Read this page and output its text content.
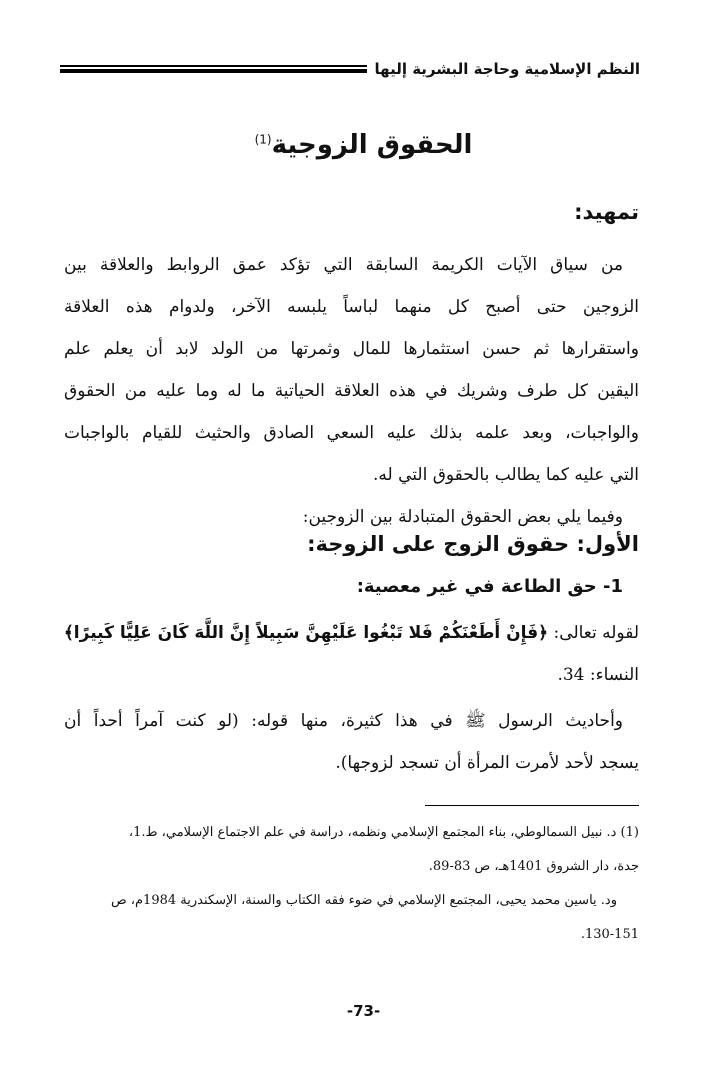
النظم الإسلامية وحاجة البشرية إليها
الحقوق الزوجية$^{(1)}$
تمهيد:
من سياق الآيات الكريمة السابقة التي تؤكد عمق الروابط والعلاقة بين
الزوجين حتى أصبح كل منهما لباساً يلبسه الآخر، ولدوام هذه العلاقة
واستقرارها ثم حسن استثمارها للمال وثمرتها من الولد لابد أن يعلم علم
اليقين كل طرف وشريك في هذه العلاقة الحياتية ما له وما عليه من الحقوق
والواجبات، وبعد علمه بذلك عليه السعي الصادق والحثيث للقيام بالواجبات
التي عليه كما يطالب بالحقوق التي له.
وفيما يلي بعض الحقوق المتبادلة بين الزوجين:
الأول: حقوق الزوج على الزوجة:
1- حق الطاعة في غير معصية:
لقوله تعالى: ﴿فَإِنْ أَطَعْنَكُمْ فَلا تَبْغُوا عَلَيْهِنَّ سَبِيلاً إِنَّ اللَّهَ كَانَ عَلِيًّا كَبِيرًا﴾
النساء: 34.
وأحاديث الرسول ﷺ في هذا كثيرة، منها قوله: (لو كنت آمراً أحداً أن
يسجد لأحد لأمرت المرأة أن تسجد لزوجها).
(1) د. نبيل السمالوطي، بناء المجتمع الإسلامي ونظمه، دراسة في علم الاجتماع الإسلامي، ط.1،
جدة، دار الشروق 1401هـ، ص 83-89.
ود. ياسين محمد يحيى، المجتمع الإسلامي في ضوء فقه الكتاب والسنة، الإسكندرية 1984م، ص
130-151.
-73-
